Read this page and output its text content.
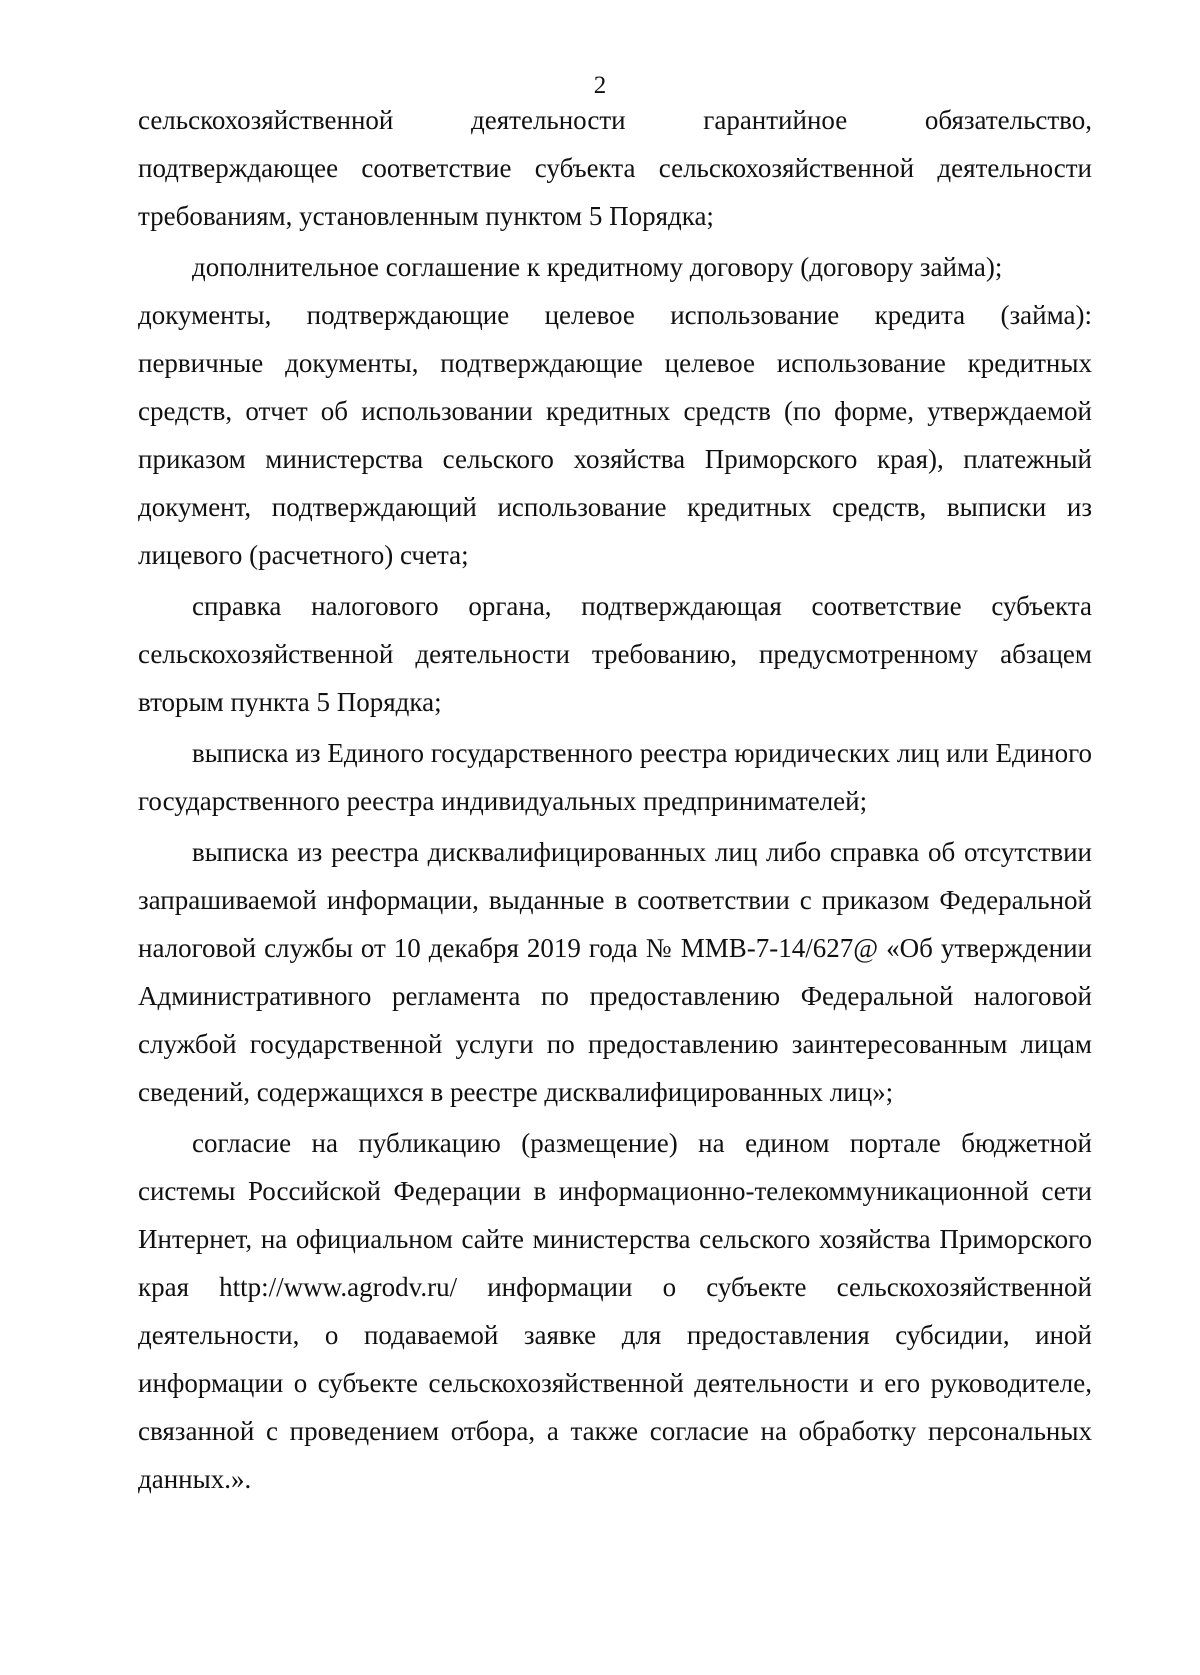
2

сельскохозяйственной деятельности гарантийное обязательство,

подтверждающее соответствие субъекта сельскохозяйственной деятельности требованиям, установленным пунктом 5 Порядка;

дополнительное соглашение к кредитному договору (договору займа);

документы, подтверждающие целевое использование кредита (займа):

первичные документы, подтверждающие целевое использование кредитных средств, отчет об использовании кредитных средств (по форме, утверждаемой приказом министерства сельского хозяйства Приморского края), платежный документ, подтверждающий использование кредитных средств, выписки из лицевого (расчетного) счета;

справка налогового органа, подтверждающая соответствие субъекта сельскохозяйственной деятельности требованию, предусмотренному абзацем вторым пункта 5 Порядка;

выписка из Единого государственного реестра юридических лиц или Единого государственного реестра индивидуальных предпринимателей;

выписка из реестра дисквалифицированных лиц либо справка об отсутствии запрашиваемой информации, выданные в соответствии с приказом Федеральной налоговой службы от 10 декабря 2019 года № ММВ-7-14/627@ «Об утверждении Административного регламента по предоставлению Федеральной налоговой службой государственной услуги по предоставлению заинтересованным лицам сведений, содержащихся в реестре дисквалифицированных лиц»;

согласие на публикацию (размещение) на едином портале бюджетной системы Российской Федерации в информационно-телекоммуникационной сети Интернет, на официальном сайте министерства сельского хозяйства Приморского края http://www.agrodv.ru/ информации о субъекте сельскохозяйственной деятельности, о подаваемой заявке для предоставления субсидии, иной информации о субъекте сельскохозяйственной деятельности и его руководителе, связанной с проведением отбора, а также согласие на обработку персональных данных.».
